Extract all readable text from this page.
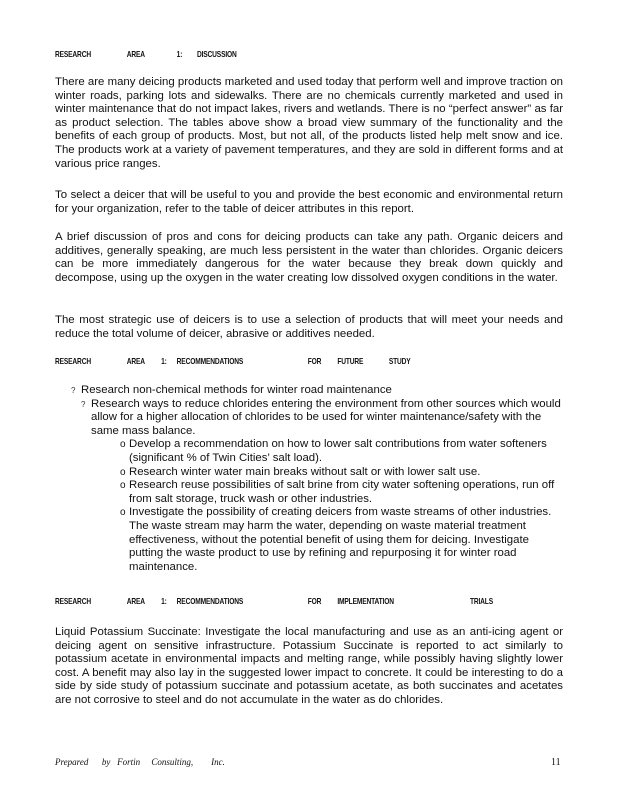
RESEARCH	AREA	1: DISCUSSION
There are many deicing products marketed and used today that perform well and improve traction on winter roads, parking lots and sidewalks. There are no chemicals currently marketed and used in winter maintenance that do not impact lakes, rivers and wetlands. There is no “perfect answer” as far as product selection. The tables above show a broad view summary of the functionality and the benefits of each group of products. Most, but not all, of the products listed help melt snow and ice. The products work at a variety of pavement temperatures, and they are sold in different forms and at various price ranges.
To select a deicer that will be useful to you and provide the best economic and environmental return for your organization, refer to the table of deicer attributes in this report.
A brief discussion of pros and cons for deicing products can take any path. Organic deicers and additives, generally speaking, are much less persistent in the water than chlorides. Organic deicers can be more immediately dangerous for the water because they break down quickly and decompose, using up the oxygen in the water creating low dissolved oxygen conditions in the water.
The most strategic use of deicers is to use a selection of products that will meet your needs and reduce the total volume of deicer, abrasive or additives needed.
RESEARCH	AREA 1: RECOMMENDATIONS	FOR FUTURE	STUDY

? Research non-chemical methods for winter road maintenance

? Research ways to reduce chlorides entering the environment from other sources which would allow for a higher allocation of chlorides to be used for winter maintenance/safety with the same mass balance.

o Develop a recommendation on how to lower salt contributions from water softeners (significant % of Twin Cities’ salt load).

o Research winter water main breaks without salt or with lower salt use.

o Research reuse possibilities of salt brine from city water softening operations, run off from salt storage, truck wash or other industries.

o Investigate the possibility of creating deicers from waste streams of other industries. The waste stream may harm the water, depending on waste material treatment effectiveness, without the potential benefit of using them for deicing. Investigate putting the waste product to use by refining and repurposing it for winter road maintenance.

RESEARCH	AREA 1: RECOMMENDATIONS	FOR IMPLEMENTATION	TRIALS
Liquid Potassium Succinate: Investigate the local manufacturing and use as an anti-icing agent or deicing agent on sensitive infrastructure. Potassium Succinate is reported to act similarly to potassium acetate in environmental impacts and melting range, while possibly having slightly lower cost. A benefit may also lay in the suggested lower impact to concrete. It could be interesting to do a side by side study of potassium succinate and potassium acetate, as both succinates and acetates are not corrosive to steel and do not accumulate in the water as do chlorides.
Prepared by Fortin Consulting, Inc.	11
